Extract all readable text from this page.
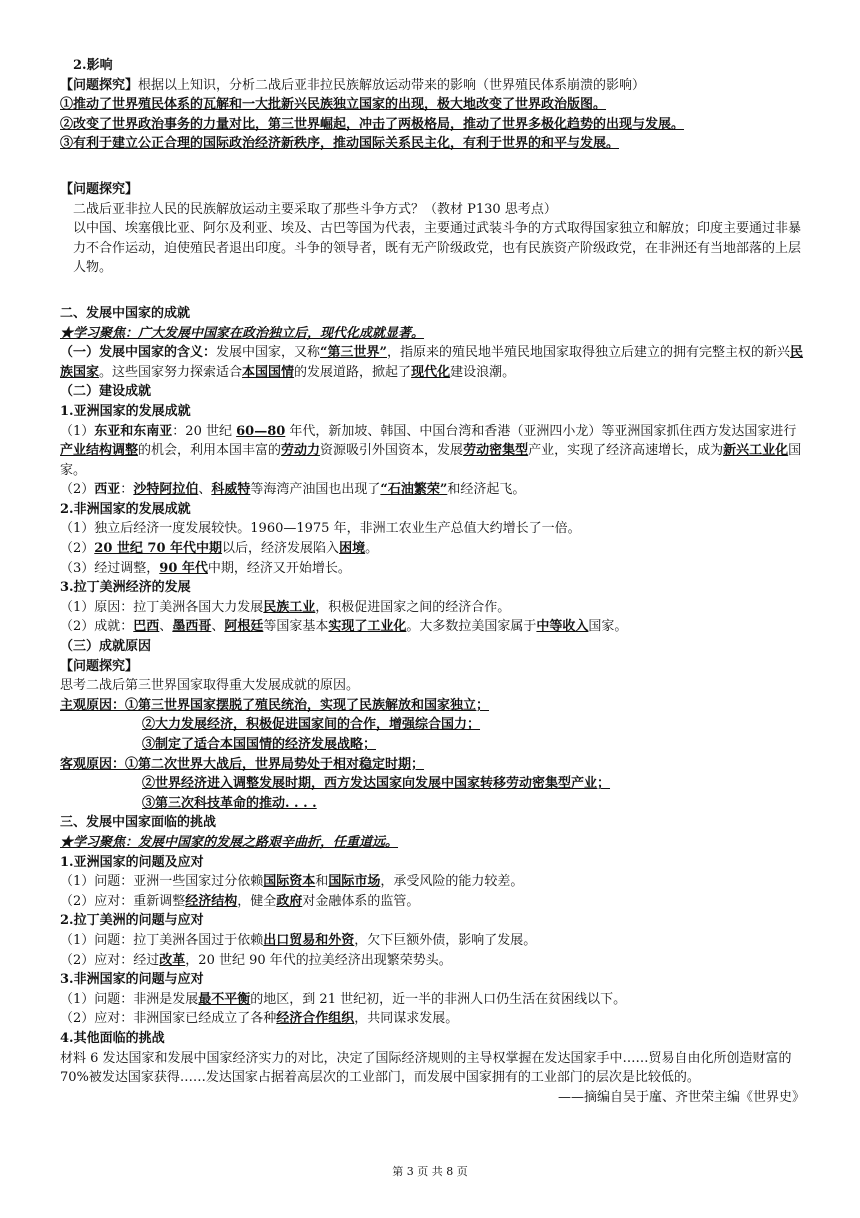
2.影响

【问题探究】根据以上知识，分析二战后亚非拉民族解放运动带来的影响（世界殖民体系崩溃的影响）

①推动了世界殖民体系的瓦解和一大批新兴民族独立国家的出现，极大地改变了世界政治版图。

②改变了世界政治事务的力量对比，第三世界崛起，冲击了两极格局，推动了世界多极化趋势的出现与发展。

③有利于建立公正合理的国际政治经济新秩序，推动国际关系民主化，有利于世界的和平与发展。

【问题探究】

二战后亚非拉人民的民族解放运动主要采取了那些斗争方式？（教材 P130 思考点）

以中国、埃塞俄比亚、阿尔及利亚、埃及、古巴等国为代表，主要通过武装斗争的方式取得国家独立和解放；印度主要通过非暴力不合作运动，迫使殖民者退出印度。斗争的领导者，既有无产阶级政党，也有民族资产阶级政党，在非洲还有当地部落的上层人物。

二、发展中国家的成就

★学习聚焦：广大发展中国家在政治独立后，现代化成就显著。

（一）发展中国家的含义：发展中国家，又称“第三世界”，指原来的殖民地半殖民地国家取得独立后建立的拥有完整主权的新兴民族国家。这些国家努力探索适合本国国情的发展道路，掀起了现代化建设浪潮。

（二）建设成就

1.亚洲国家的发展成就

（1）东亚和东南亚：20 世纪 60—80 年代，新加坡、韩国、中国台湾和香港（亚洲四小龙）等亚洲国家抓住西方发达国家进行产业结构调整的机会，利用本国丰富的劳动力资源吸引外国资本，发展劳动密集型产业，实现了经济高速增长，成为新兴工业化国家。

（2）西亚：沙特阿拉伯、科威特等海湾产油国也出现了“石油繁荣”和经济起飞。

2.非洲国家的发展成就

（1）独立后经济一度发展较快。1960—1975 年，非洲工农业生产总值大约增长了一倍。

（2）20 世纪 70 年代中期以后，经济发展陷入困境。

（3）经过调整，90 年代中期，经济又开始增长。

3.拉丁美洲经济的发展

（1）原因：拉丁美洲各国大力发展民族工业，积极促进国家之间的经济合作。

（2）成就：巴西、墨西哥、阿根廷等国家基本实现了工业化。大多数拉美国家属于中等收入国家。

（三）成就原因

【问题探究】

思考二战后第三世界国家取得重大发展成就的原因。

主观原因：①第三世界国家摆脱了殖民统治，实现了民族解放和国家独立；

②大力发展经济，积极促进国家间的合作，增强综合国力；

③制定了适合本国国情的经济发展战略；

客观原因：①第二次世界大战后，世界局势处于相对稳定时期；

②世界经济进入调整发展时期，西方发达国家向发展中国家转移劳动密集型产业；

③第三次科技革命的推动. . . .

三、发展中国家面临的挑战

★学习聚焦：发展中国家的发展之路艰辛曲折，任重道远。

1.亚洲国家的问题及应对

（1）问题：亚洲一些国家过分依赖国际资本和国际市场，承受风险的能力较差。

（2）应对：重新调整经济结构，健全政府对金融体系的监管。

2.拉丁美洲的问题与应对

（1）问题：拉丁美洲各国过于依赖出口贸易和外资，欠下巨额外债，影响了发展。

（2）应对：经过改革，20 世纪 90 年代的拉美经济出现繁荣势头。

3.非洲国家的问题与应对

（1）问题：非洲是发展最不平衡的地区，到 21 世纪初，近一半的非洲人口仍生活在贫困线以下。

（2）应对：非洲国家已经成立了各种经济合作组织，共同谋求发展。

4.其他面临的挑战

材料 6 发达国家和发展中国家经济实力的对比，决定了国际经济规则的主导权掌握在发达国家手中……贸易自由化所创造财富的 70%被发达国家获得……发达国家占据着高层次的工业部门，而发展中国家拥有的工业部门的层次是比较低的。

——摘编自吴于廑、齐世荣主编《世界史》

第 3 页 共 8 页
